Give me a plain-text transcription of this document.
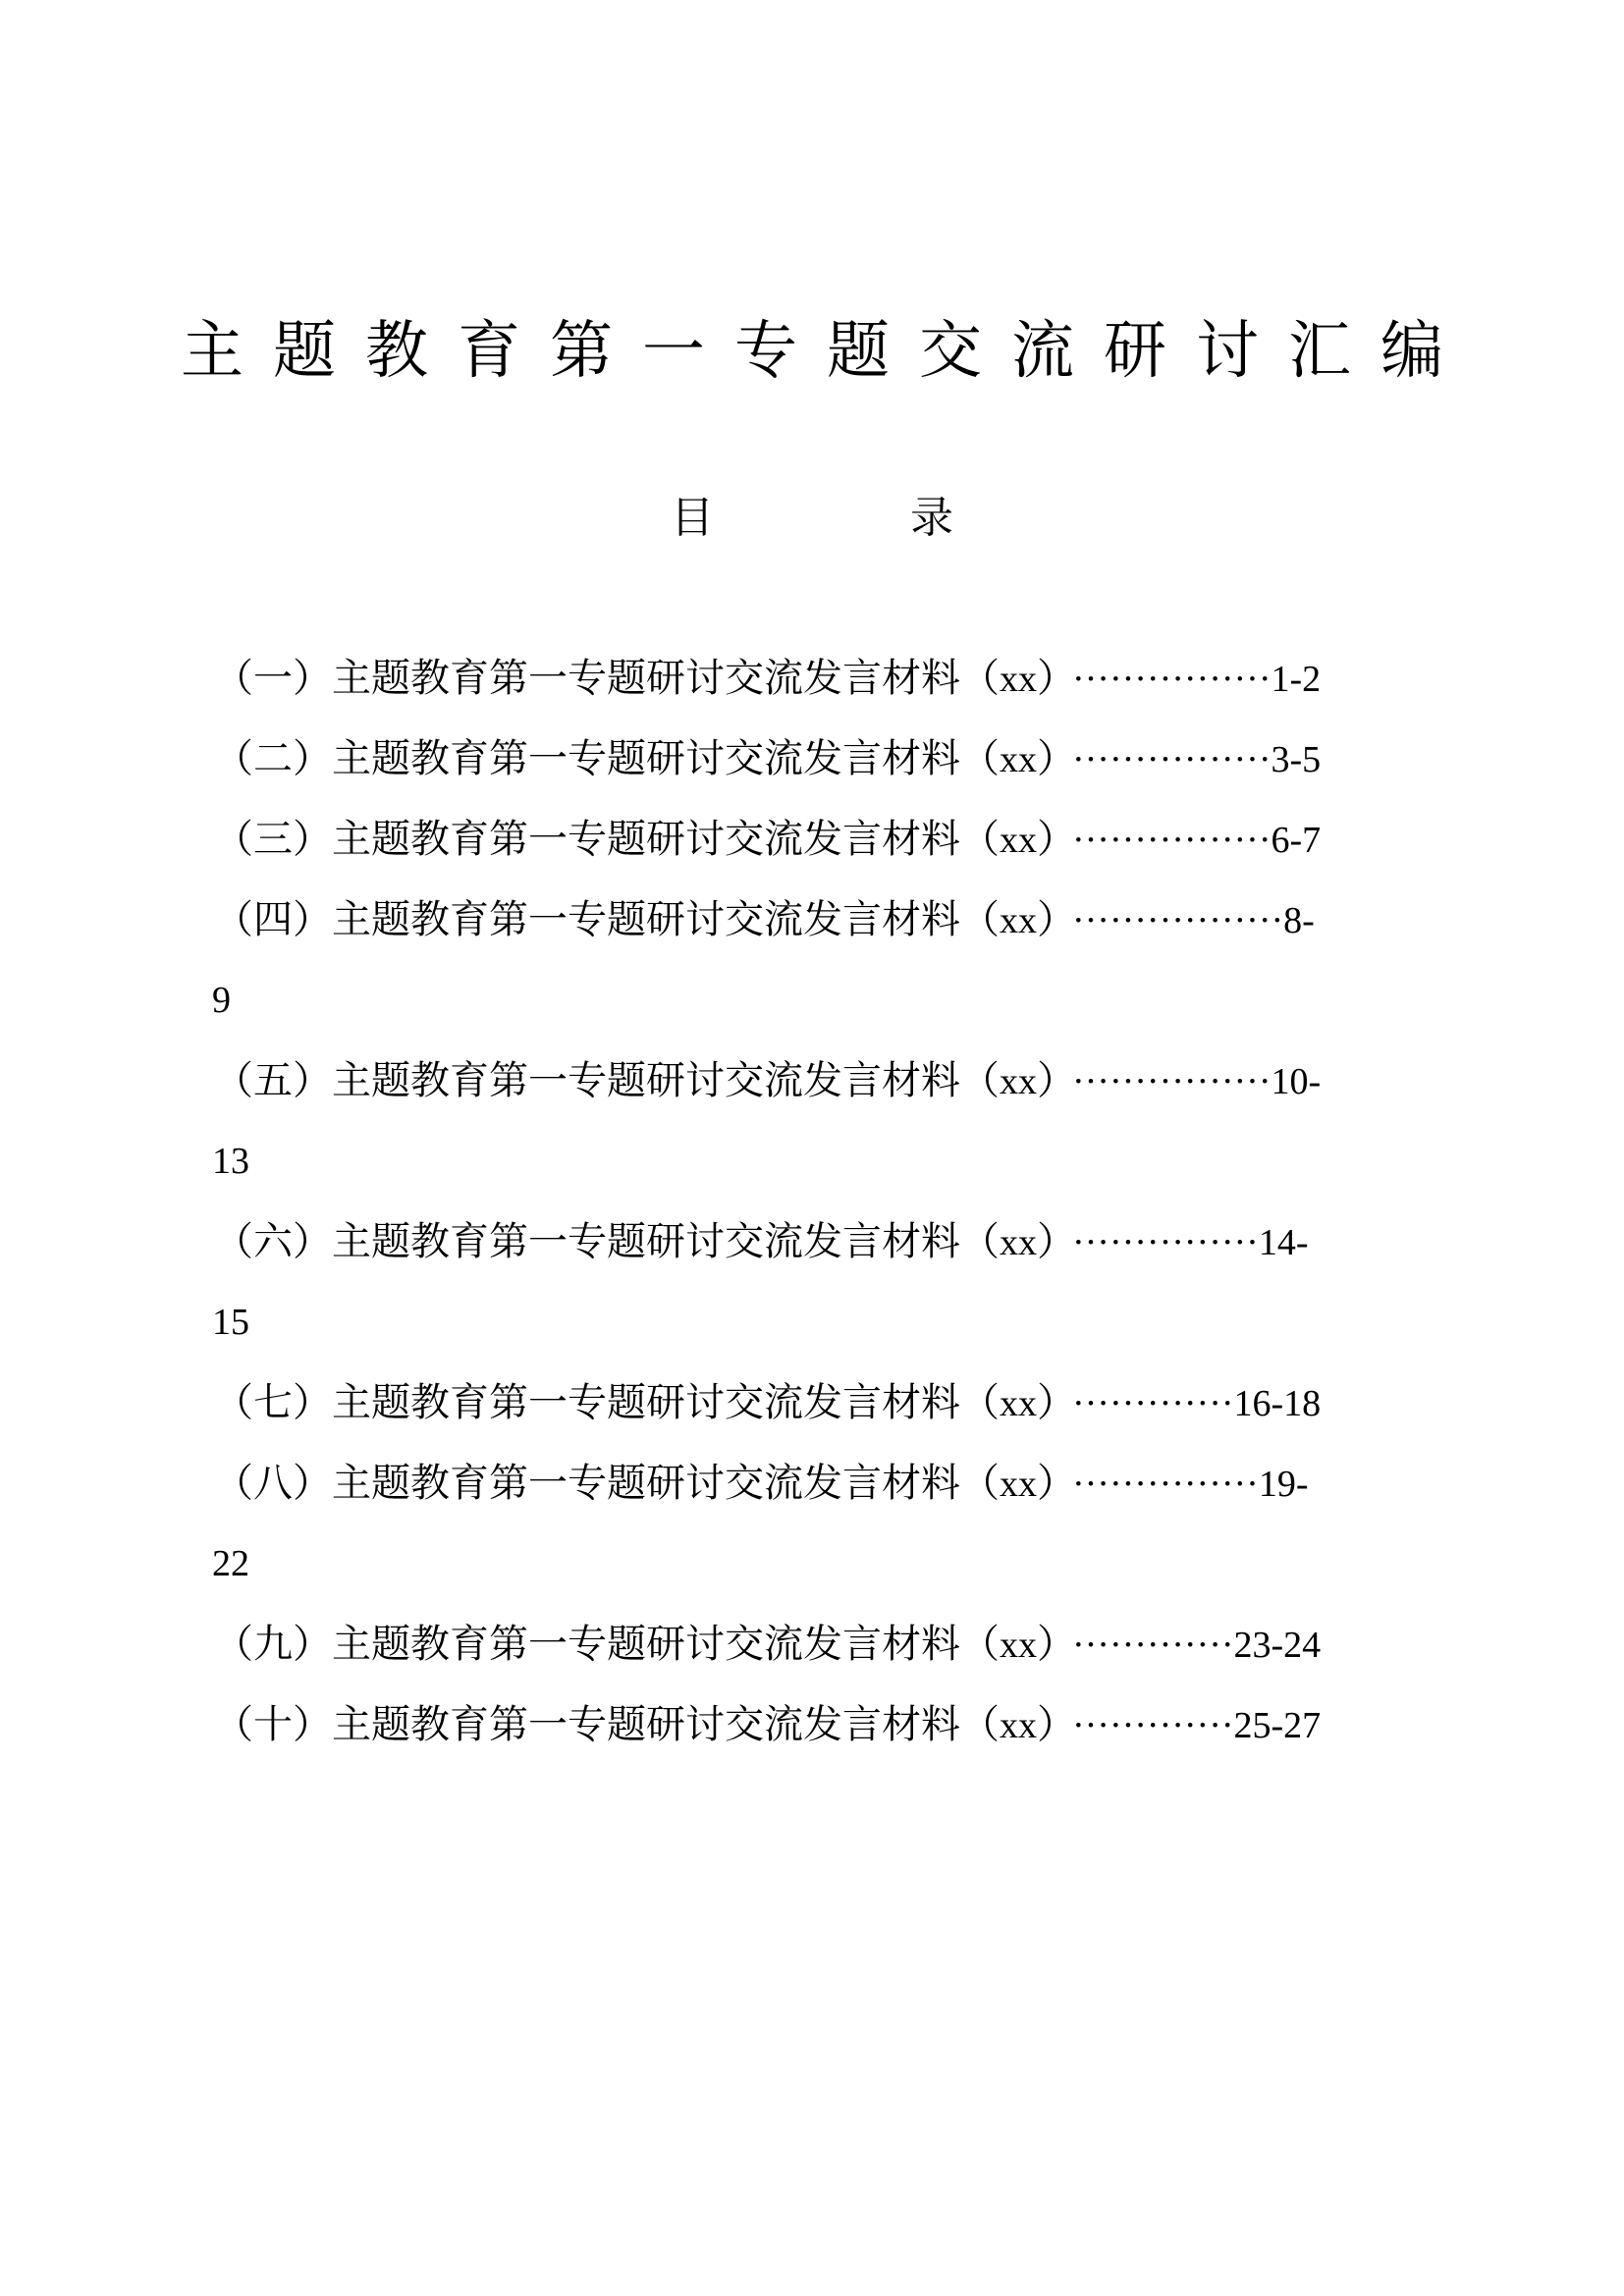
主题教育第一专题交流研讨汇编
目	录
（一）主题教育第一专题研讨交流发言材料（xx） ················1-2
（二）主题教育第一专题研讨交流发言材料（xx） ················3-5
（三）主题教育第一专题研讨交流发言材料（xx） ················6-7
（四）主题教育第一专题研讨交流发言材料（xx） ·················8-
9
（五）主题教育第一专题研讨交流发言材料（xx） ················10-
13
（六）主题教育第一专题研讨交流发言材料（xx） ···············14-
15
（七）主题教育第一专题研讨交流发言材料（xx） ·············16-18
（八）主题教育第一专题研讨交流发言材料（xx） ···············19-
22
（九）主题教育第一专题研讨交流发言材料（xx） ·············23-24
（十）主题教育第一专题研讨交流发言材料（xx） ·············25-27
